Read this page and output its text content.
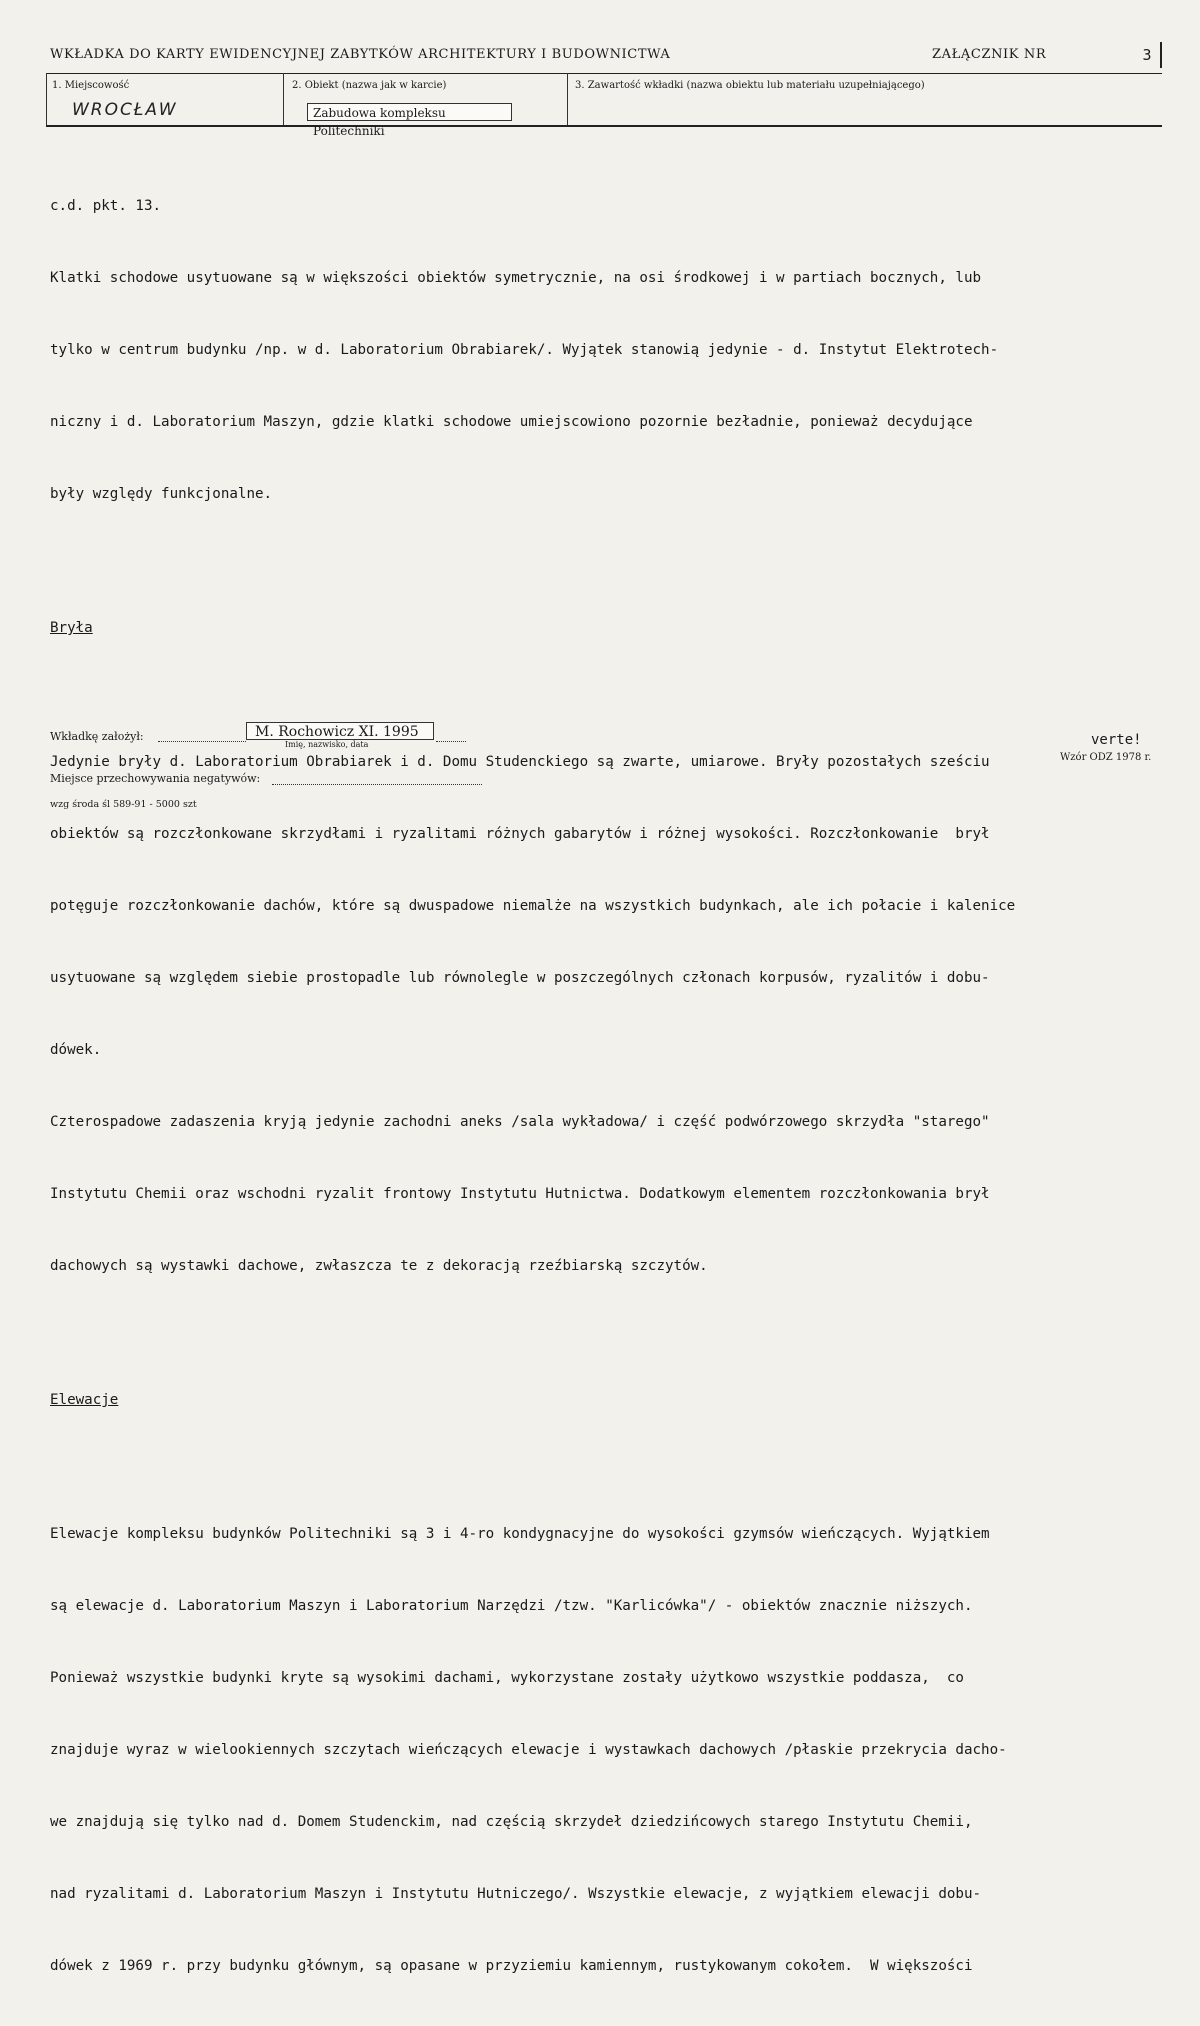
WKŁADKA DO KARTY EWIDENCYJNEJ ZABYTKÓW ARCHITEKTURY I BUDOWNICTWA	ZAŁĄCZNIK NR	3
1. Miejscowość
WROCŁAW
2. Obiekt (nazwa jak w karcie)
Zabudowa kompleksu Politechniki
3. Zawartość wkładki (nazwa obiektu lub materiału uzupełniającego)

c.d. pkt. 13.

Klatki schodowe usytuowane są w większości obiektów symetrycznie, na osi środkowej i w partiach bocznych, lub

tylko w centrum budynku /np. w d. Laboratorium Obrabiarek/. Wyjątek stanowią jedynie - d. Instytut Elektrotech-

niczny i d. Laboratorium Maszyn, gdzie klatki schodowe umiejscowiono pozornie bezładnie, ponieważ decydujące

były względy funkcjonalne.

Bryła

Jedynie bryły d. Laboratorium Obrabiarek i d. Domu Studenckiego są zwarte, umiarowe. Bryły pozostałych sześciu

obiektów są rozczłonkowane skrzydłami i ryzalitami różnych gabarytów i różnej wysokości. Rozczłonkowanie  brył

potęguje rozczłonkowanie dachów, które są dwuspadowe niemalże na wszystkich budynkach, ale ich połacie i kalenice

usytuowane są względem siebie prostopadle lub równolegle w poszczególnych członach korpusów, ryzalitów i dobu-

dówek.

Czterospadowe zadaszenia kryją jedynie zachodni aneks /sala wykładowa/ i część podwórzowego skrzydła "starego"

Instytutu Chemii oraz wschodni ryzalit frontowy Instytutu Hutnictwa. Dodatkowym elementem rozczłonkowania brył

dachowych są wystawki dachowe, zwłaszcza te z dekoracją rzeźbiarską szczytów.

Elewacje

Elewacje kompleksu budynków Politechniki są 3 i 4-ro kondygnacyjne do wysokości gzymsów wieńczących. Wyjątkiem

są elewacje d. Laboratorium Maszyn i Laboratorium Narzędzi /tzw. "Karlicówka"/ - obiektów znacznie niższych.

Ponieważ wszystkie budynki kryte są wysokimi dachami, wykorzystane zostały użytkowo wszystkie poddasza,  co

znajduje wyraz w wielookiennych szczytach wieńczących elewacje i wystawkach dachowych /płaskie przekrycia dacho-

we znajdują się tylko nad d. Domem Studenckim, nad częścią skrzydeł dziedzińcowych starego Instytutu Chemii,

nad ryzalitami d. Laboratorium Maszyn i Instytutu Hutniczego/. Wszystkie elewacje, z wyjątkiem elewacji dobu-

dówek z 1969 r. przy budynku głównym, są opasane w przyziemiu kamiennym, rustykowanym cokołem.  W większości

Wkładkę założył:	M. Rochowicz XI. 1995
Imię, nazwisko, data	verte!
Wzór ODZ 1978 r.
Miejsce przechowywania negatywów:
wzg środa śl 589-91 - 5000 szt
